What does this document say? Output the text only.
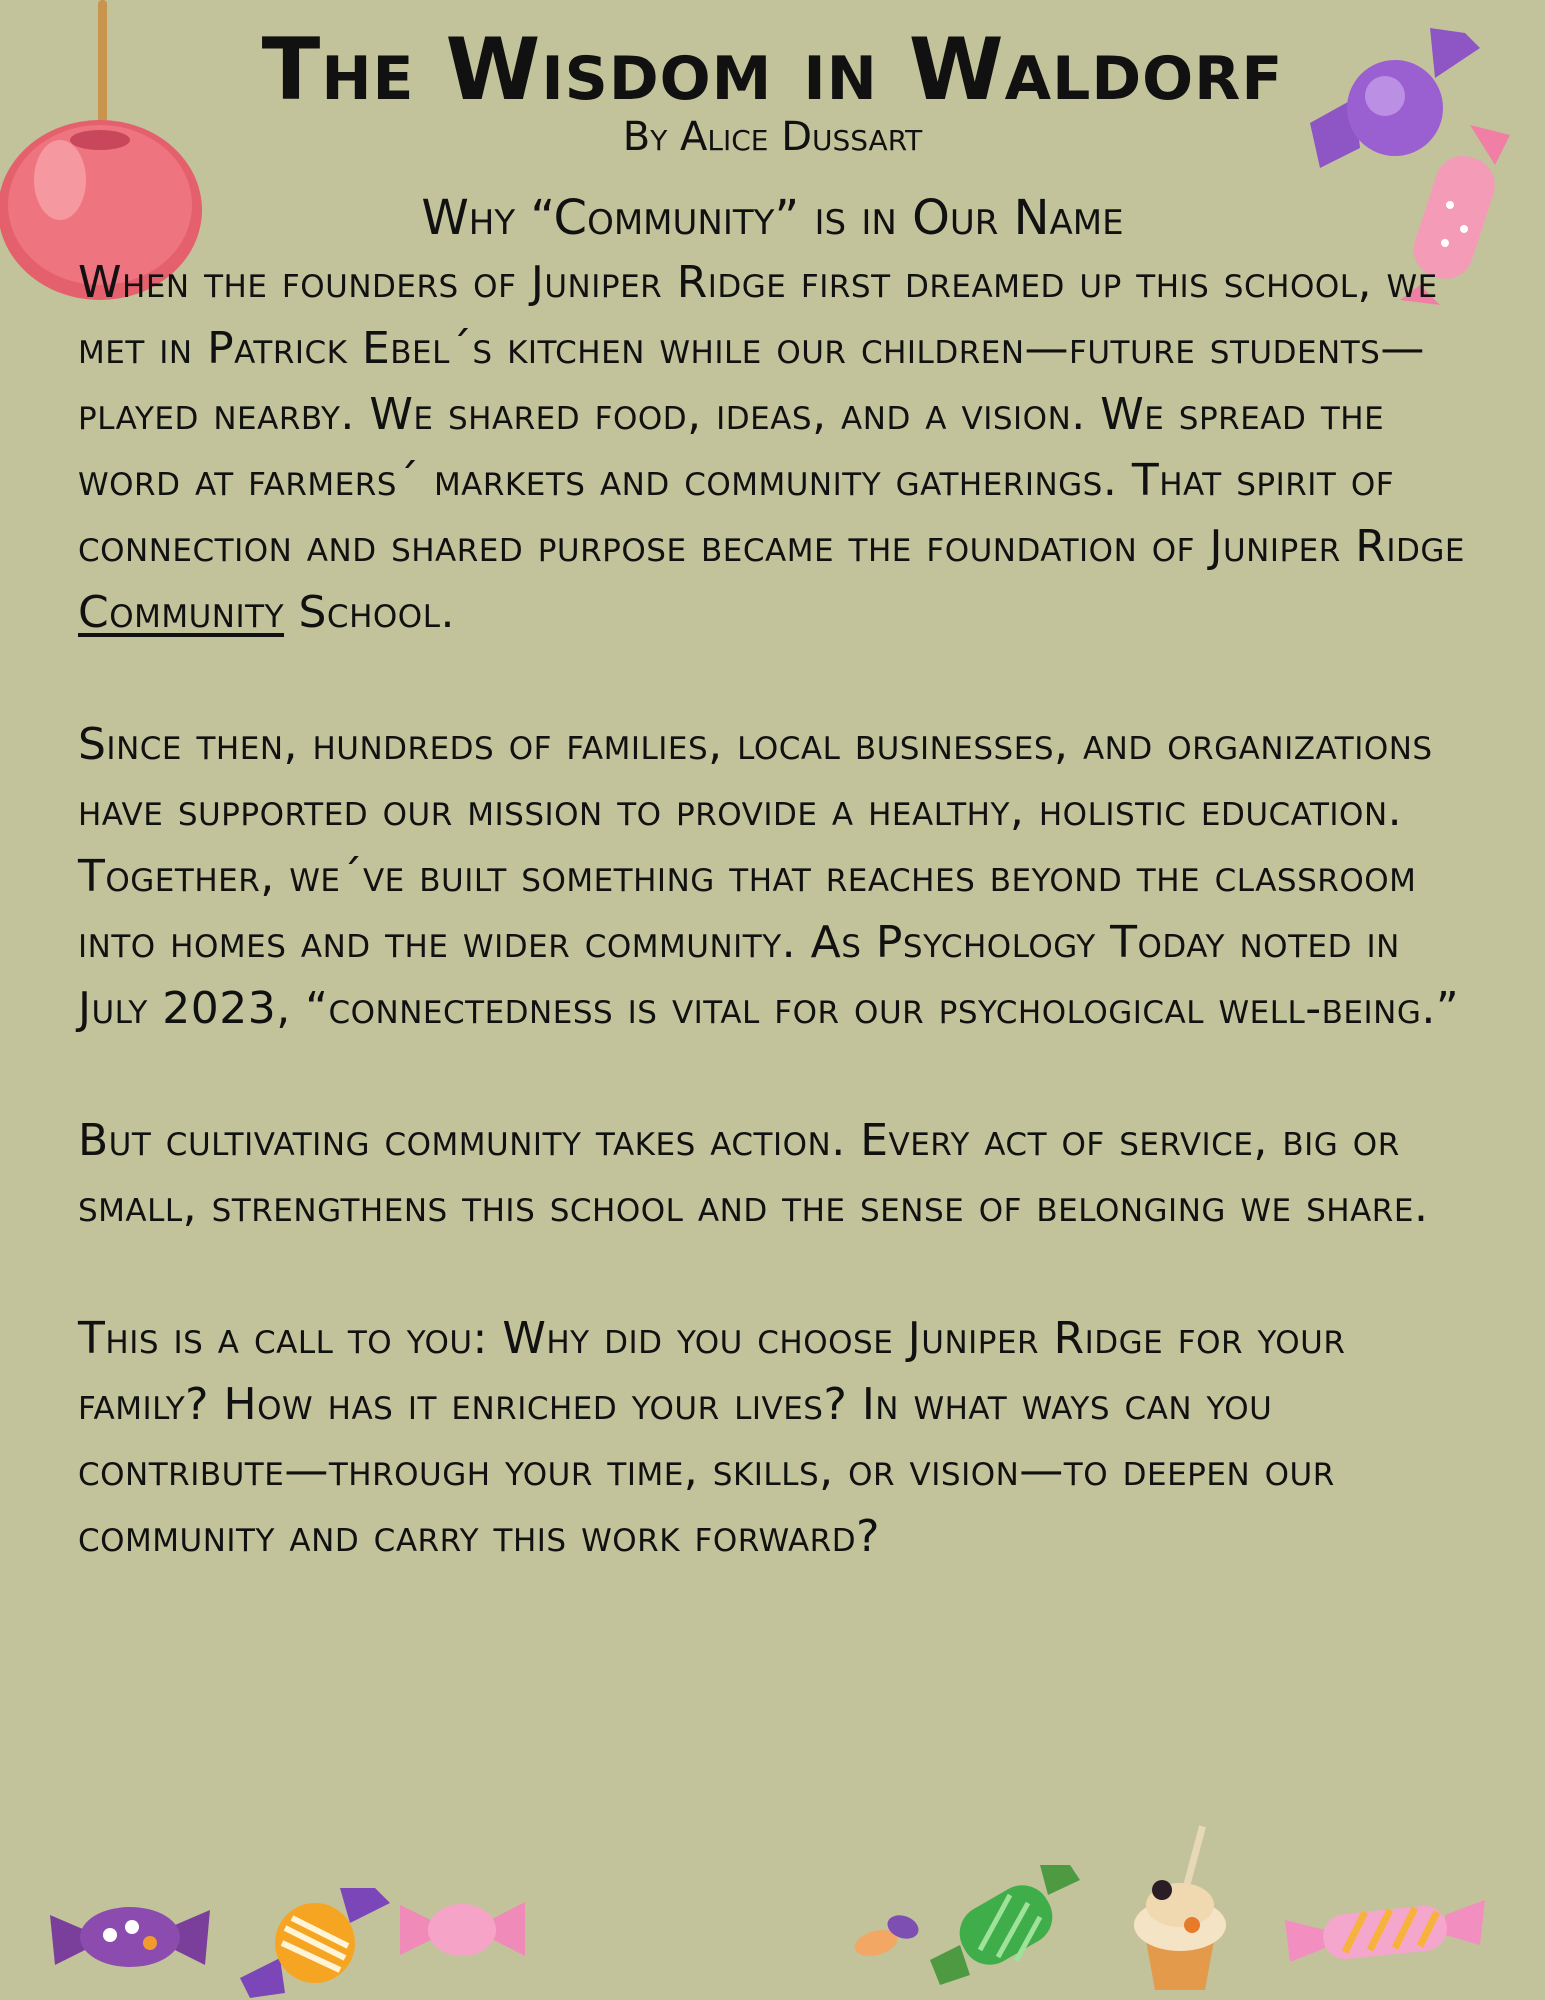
The Wisdom in Waldorf
By Alice Dussart
Why “Community” is in Our Name

When the founders of Juniper Ridge first dreamed up this school, we met in Patrick Ebel´s kitchen while our children—future students—played nearby. We shared food, ideas, and a vision. We spread the word at farmers´ markets and community gatherings. That spirit of connection and shared purpose became the foundation of Juniper Ridge Community School.

Since then, hundreds of families, local businesses, and organizations have supported our mission to provide a healthy, holistic education. Together, we´ve built something that reaches beyond the classroom into homes and the wider community. As Psychology Today noted in July 2023, “connectedness is vital for our psychological well-being.”

But cultivating community takes action. Every act of service, big or small, strengthens this school and the sense of belonging we share.

This is a call to you: Why did you choose Juniper Ridge for your family? How has it enriched your lives? In what ways can you contribute—through your time, skills, or vision—to deepen our community and carry this work forward?
